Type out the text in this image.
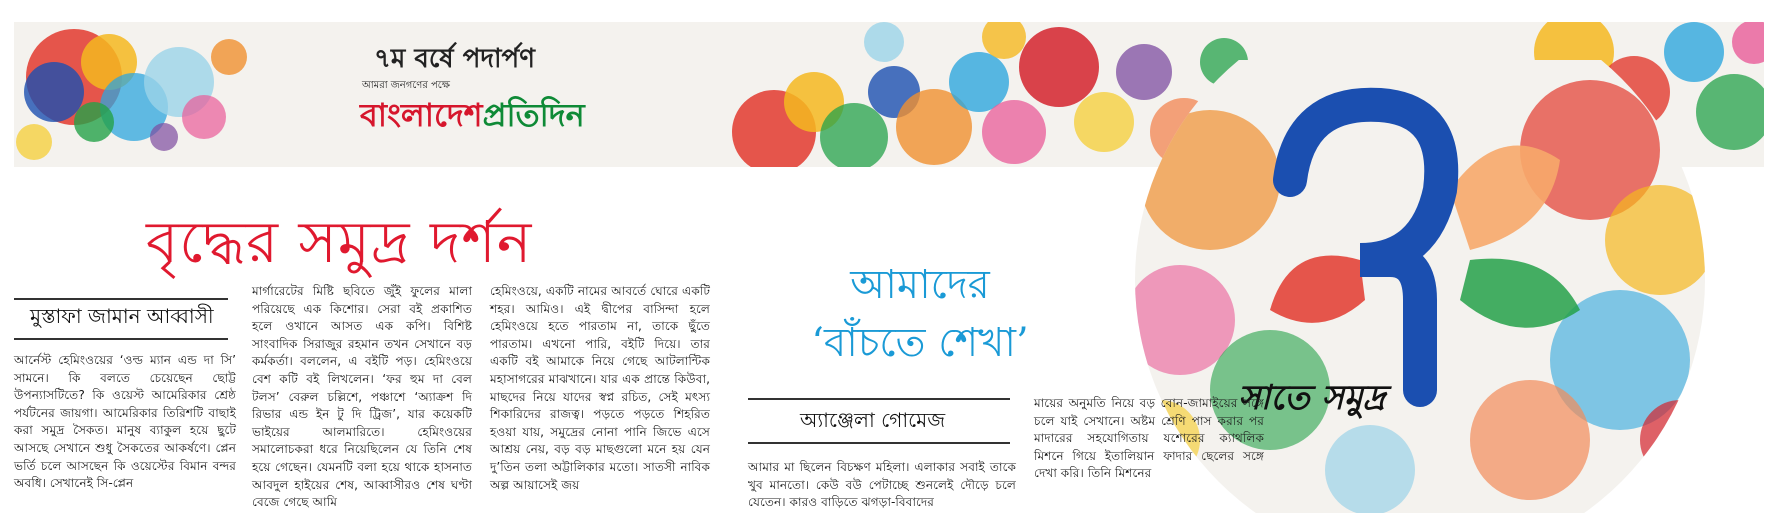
৭ম বর্ষে পদার্পণ
আমরা জনগণের পক্ষে
বাংলাদেশপ্রতিদিন
সাতে সমুদ্র
বৃদ্ধের সমুদ্র দর্শন
মুস্তাফা জামান আব্বাসী

আর্নেস্ট হেমিংওয়ের ‘ওল্ড ম্যান এন্ড দা সি’ সামনে। কি বলতে চেয়েছেন ছোট্ট উপন্যাসটিতে? কি ওয়েস্ট আমেরিকার শ্রেষ্ঠ পর্যটনের জায়গা। আমেরিকার তিরিশটি বাছাই করা সমুদ্র সৈকত। মানুষ ব্যাকুল হয়ে ছুটে আসছে সেখানে শুধু সৈকতের আকর্ষণে। প্লেন ভর্তি চলে আসছেন কি ওয়েস্টের বিমান বন্দর অবধি। সেখানেই সি-প্লেন

মার্গারেটের মিষ্টি ছবিতে জুঁই ফুলের মালা পরিয়েছে এক কিশোর। সেরা বই প্রকাশিত হলে ওখানে আসত এক কপি। বিশিষ্ট সাংবাদিক সিরাজুর রহমান তখন সেখানে বড় কর্মকর্তা। বললেন, এ বইটি পড়। হেমিংওয়ে বেশ কটি বই লিখলেন। ‘ফর হুম দা বেল টলস’ বেরুল চল্লিশে, পঞ্চাশে ‘অ্যাক্রশ দি রিভার এন্ড ইন টু দি ট্রিজ’, যার কয়েকটি ভাইয়ের আলমারিতে। হেমিংওয়ের সমালোচকরা ধরে নিয়েছিলেন যে তিনি শেষ হয়ে গেছেন। যেমনটি বলা হয়ে থাকে হাসনাত আবদুল হাইয়ের শেষ, আব্বাসীরও শেষ ঘণ্টা বেজে গেছে আমি

হেমিংওয়ে, একটি নামের আবর্তে ঘোরে একটি শহর। আমিও। এই দ্বীপের বাসিন্দা হলে হেমিংওয়ে হতে পারতাম না, তাকে ছুঁতে পারতাম। এখনো পারি, বইটি দিয়ে। তার একটি বই আমাকে নিয়ে গেছে আটলান্টিক মহাসাগরের মাঝখানে। যার এক প্রান্তে কিউবা, মাছদের নিয়ে যাদের স্বপ্ন রচিত, সেই মৎস্য শিকারিদের রাজত্ব। পড়তে পড়তে শিহরিত হওয়া যায়, সমুদ্রের নোনা পানি জিভে এসে আশ্রয় নেয়, বড় বড় মাছগুলো মনে হয় যেন দু’তিন তলা অট্টালিকার মতো। সাতসী নাবিক অল্প আয়াসেই জয়

আমাদের
‘বাঁচতে শেখা’
অ্যাঞ্জেলা গোমেজ

আমার মা ছিলেন বিচক্ষণ মহিলা। এলাকার সবাই তাকে খুব মানতো। কেউ বউ পেটাচ্ছে শুনলেই দৌড়ে চলে যেতেন। কারও বাড়িতে ঝগড়া-বিবাদের

মায়ের অনুমতি নিয়ে বড় বোন-জামাইয়ের সঙ্গে চলে যাই সেখানে। অষ্টম শ্রেণি পাস করার পর মাদারের সহযোগিতায় যশোরের ক্যাথলিক মিশনে গিয়ে ইতালিয়ান ফাদার ছেলের সঙ্গে দেখা করি। তিনি মিশনের
